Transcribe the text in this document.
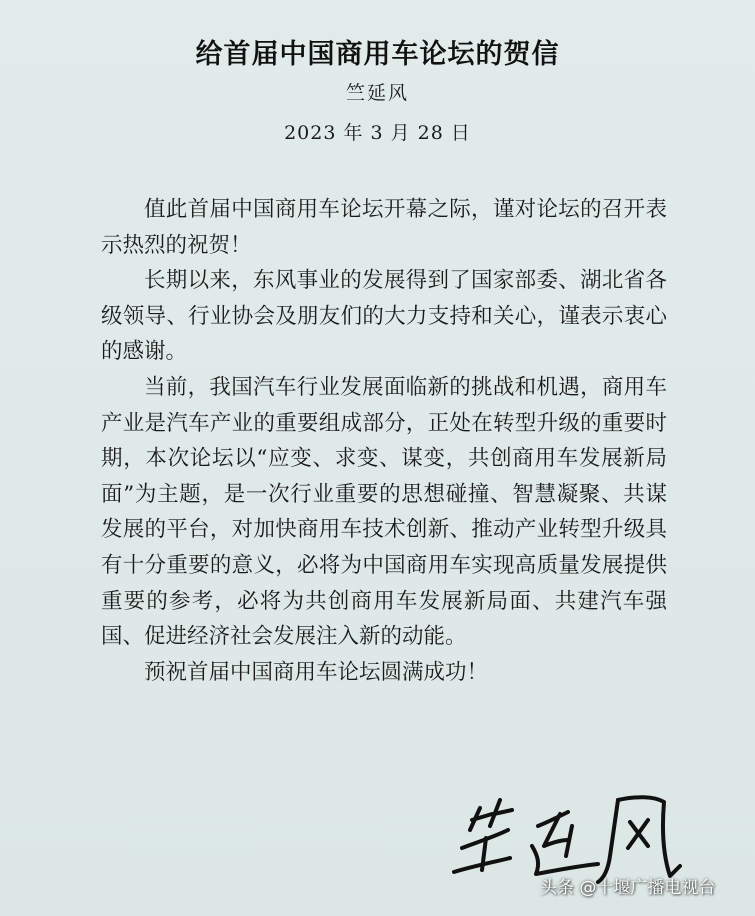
给首届中国商用车论坛的贺信
竺延风
2023 年 3 月 28 日

值此首届中国商用车论坛开幕之际，谨对论坛的召开表示热烈的祝贺！

长期以来，东风事业的发展得到了国家部委、湖北省各级领导、行业协会及朋友们的大力支持和关心，谨表示衷心的感谢。

当前，我国汽车行业发展面临新的挑战和机遇，商用车产业是汽车产业的重要组成部分，正处在转型升级的重要时期，本次论坛以“应变、求变、谋变，共创商用车发展新局面”为主题，是一次行业重要的思想碰撞、智慧凝聚、共谋发展的平台，对加快商用车技术创新、推动产业转型升级具有十分重要的意义，必将为中国商用车实现高质量发展提供重要的参考，必将为共创商用车发展新局面、共建汽车强国、促进经济社会发展注入新的动能。

预祝首届中国商用车论坛圆满成功！

头条 @十堰广播电视台
